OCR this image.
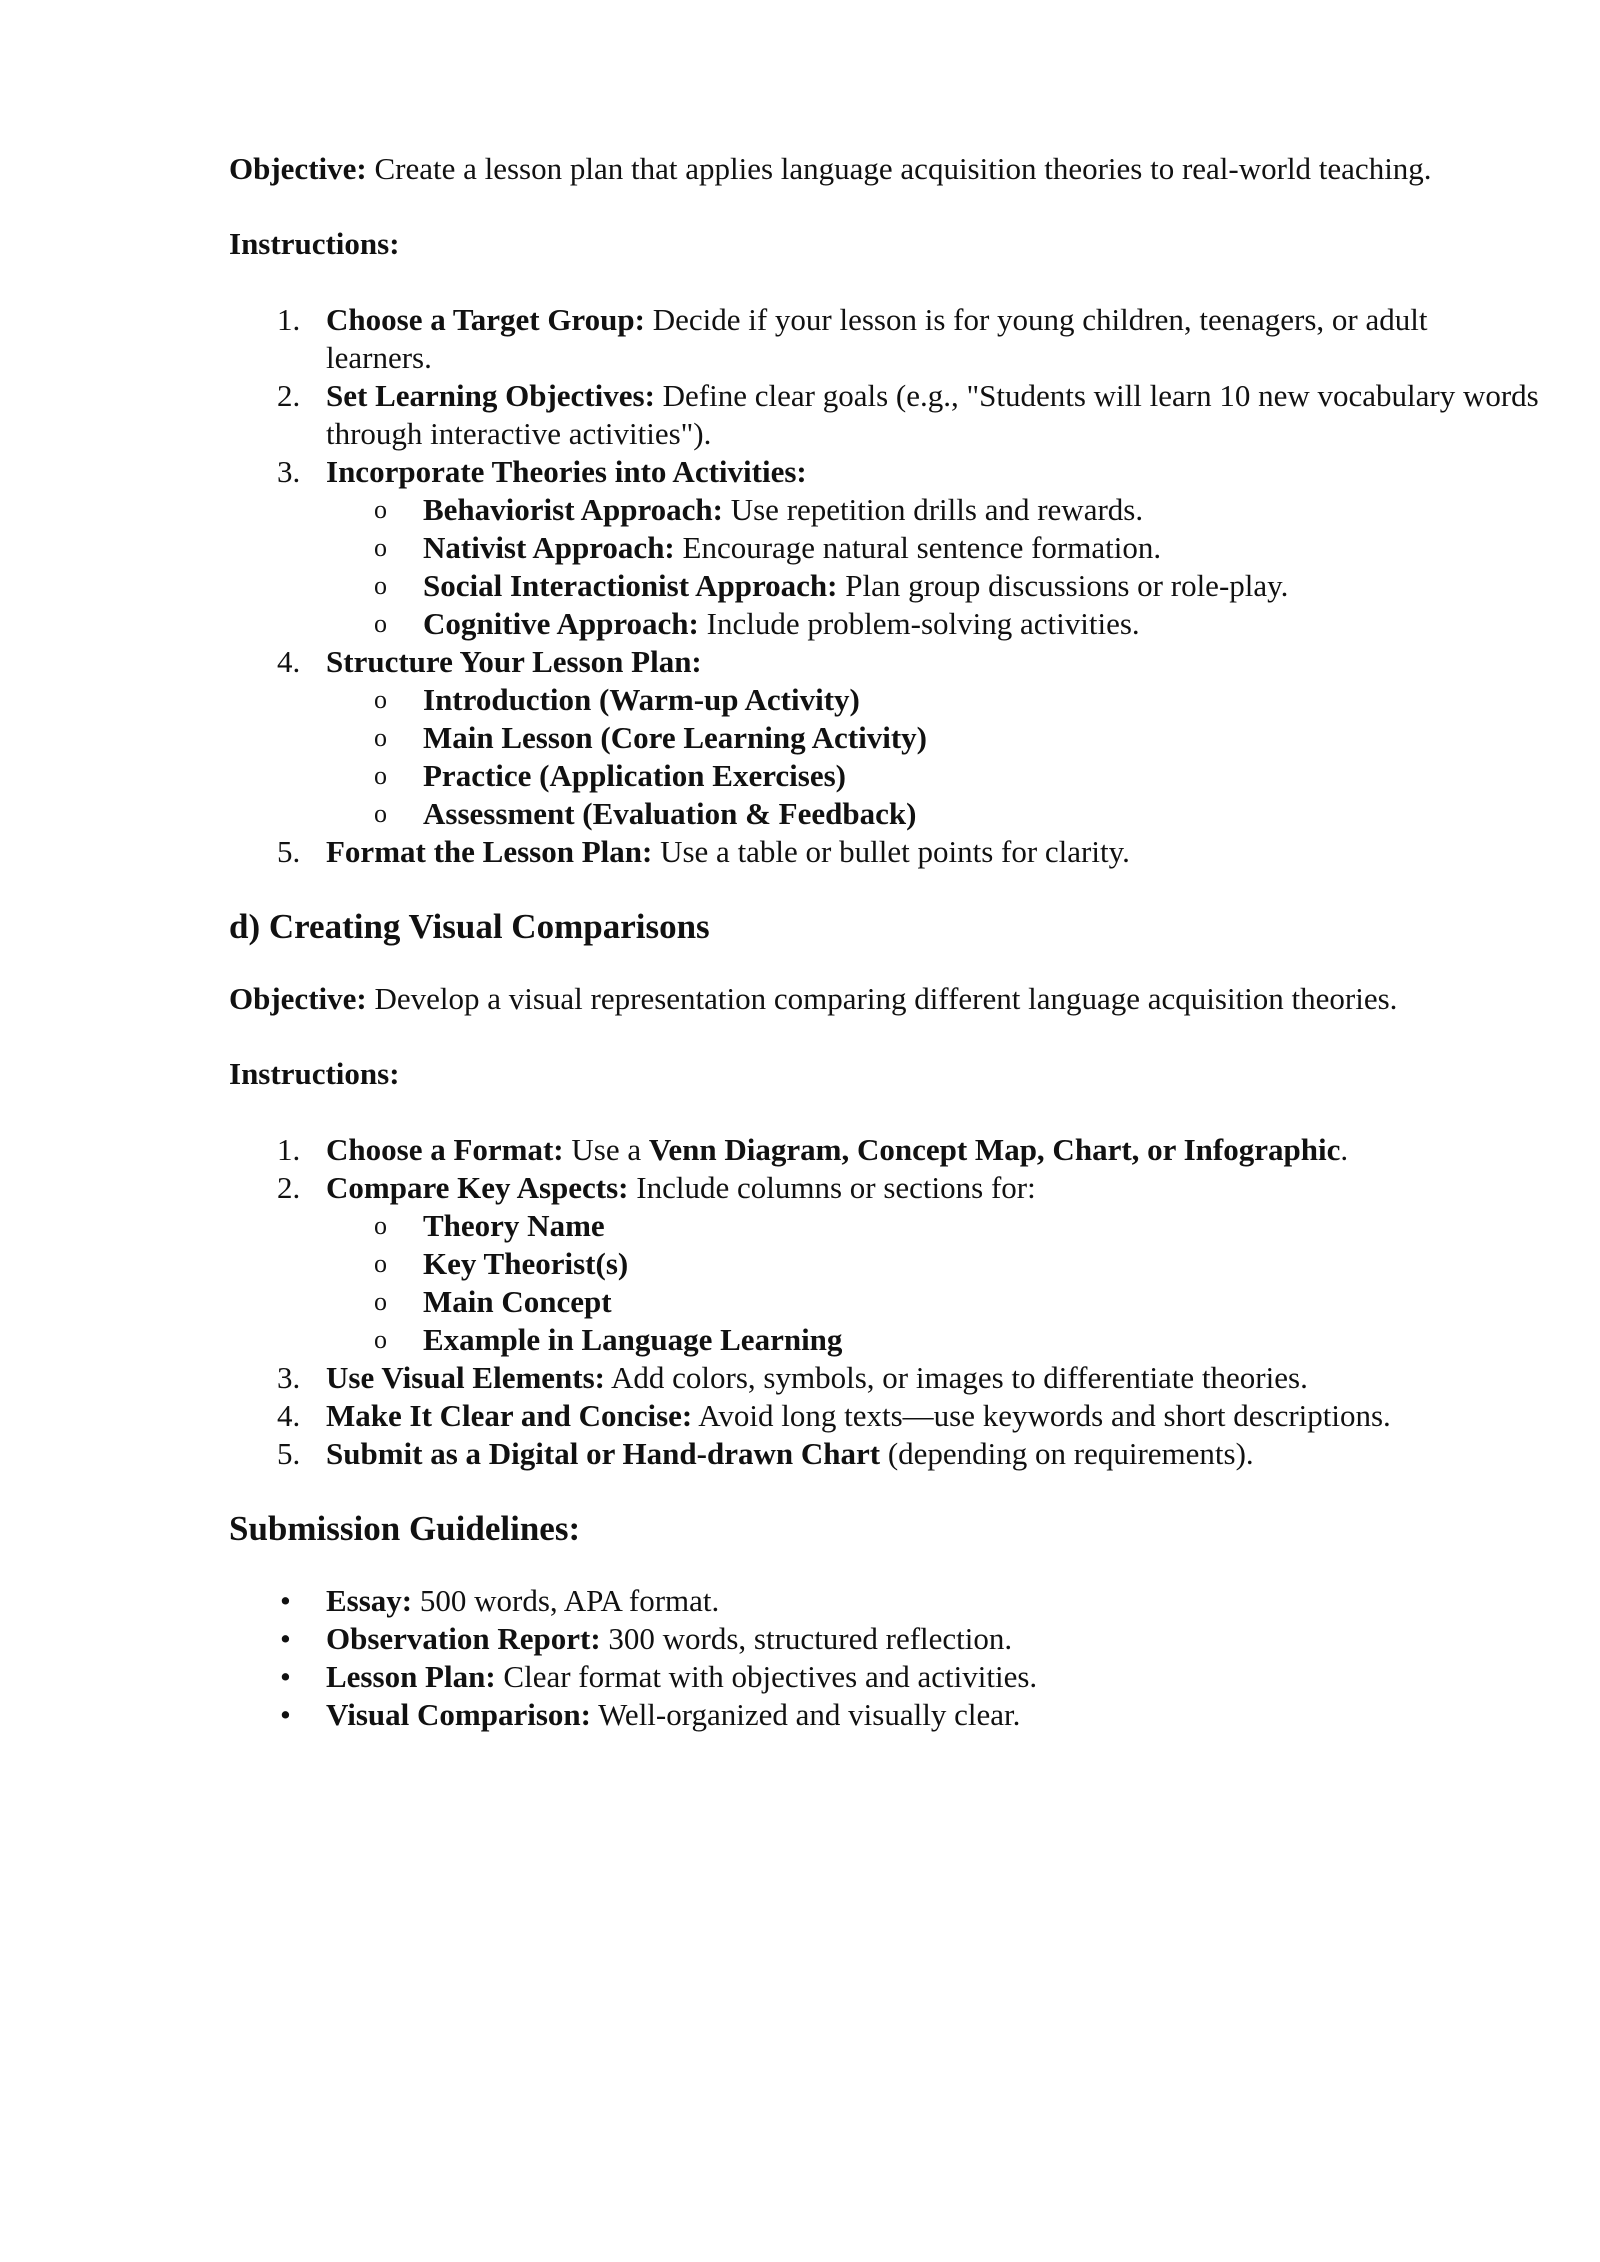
Objective: Create a lesson plan that applies language acquisition theories to real-world teaching.

Instructions:

1. Choose a Target Group: Decide if your lesson is for young children, teenagers, or adult learners.
2. Set Learning Objectives: Define clear goals (e.g., "Students will learn 10 new vocabulary words through interactive activities").
3. Incorporate Theories into Activities:
o Behaviorist Approach: Use repetition drills and rewards.
o Nativist Approach: Encourage natural sentence formation.
o Social Interactionist Approach: Plan group discussions or role-play.
o Cognitive Approach: Include problem-solving activities.
4. Structure Your Lesson Plan:
o Introduction (Warm-up Activity)
o Main Lesson (Core Learning Activity)
o Practice (Application Exercises)
o Assessment (Evaluation & Feedback)
5. Format the Lesson Plan: Use a table or bullet points for clarity.
d) Creating Visual Comparisons

Objective: Develop a visual representation comparing different language acquisition theories.

Instructions:

1. Choose a Format: Use a Venn Diagram, Concept Map, Chart, or Infographic.
2. Compare Key Aspects: Include columns or sections for:
o Theory Name
o Key Theorist(s)
o Main Concept
o Example in Language Learning
3. Use Visual Elements: Add colors, symbols, or images to differentiate theories.
4. Make It Clear and Concise: Avoid long texts—use keywords and short descriptions.
5. Submit as a Digital or Hand-drawn Chart (depending on requirements).
Submission Guidelines:
• Essay: 500 words, APA format.
• Observation Report: 300 words, structured reflection.
• Lesson Plan: Clear format with objectives and activities.
• Visual Comparison: Well-organized and visually clear.
